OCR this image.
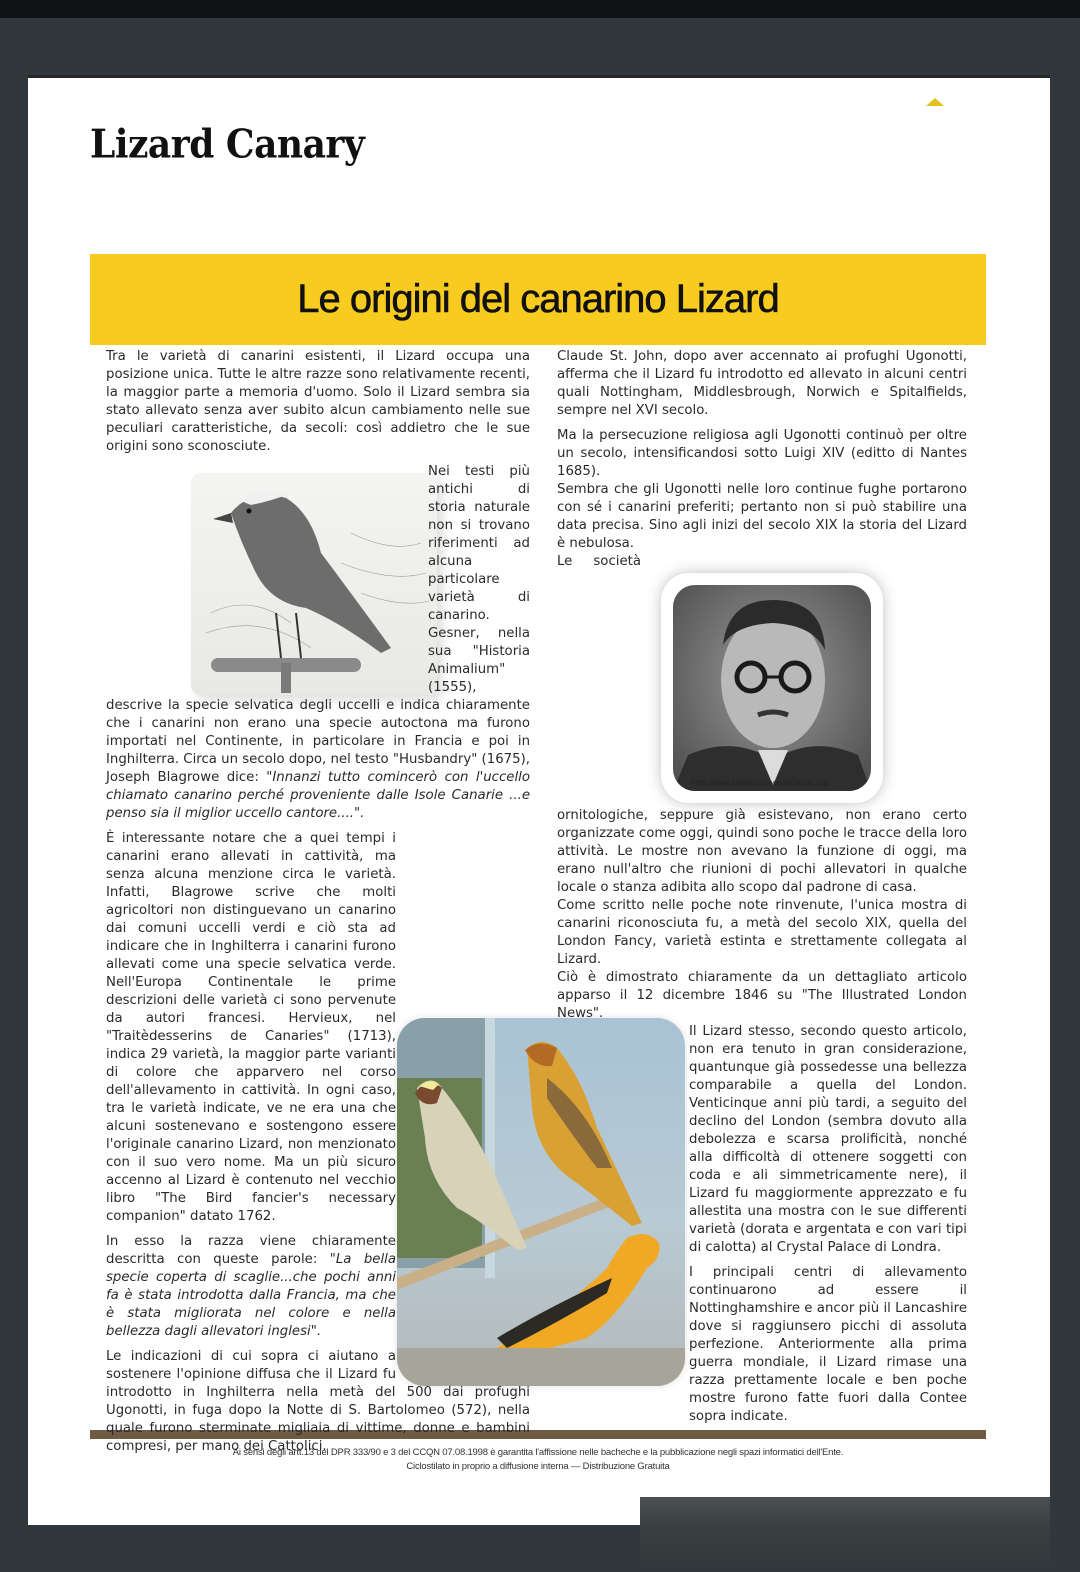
Lizard Canary
Le origini del canarino Lizard
http://www.lizardcanaryassociation.org
Ai sensi degli artt.13 del DPR 333/90 e 3 del CCQN 07.08.1998 è garantita l'affissione nelle bacheche e la pubblicazione negli spazi informatici dell'Ente.
Ciclostilato in proprio a diffusione interna — Distribuzione Gratuita

Tra le varietà di canarini esistenti, il Lizard occupa una posizione unica. Tutte le altre razze sono relativamente recenti, la maggior parte a memoria d'uomo. Solo il Lizard sembra sia stato allevato senza aver subito alcun cambiamento nelle sue peculiari caratteristiche, da secoli: così addietro che le sue origini sono sconosciute.

Nei testi più antichi di storia naturale non si trovano riferimenti ad alcuna particolare varietà di canarino. Gesner, nella sua "Historia Animalium" (1555), descrive la specie selvatica degli uccelli e indica chiaramente che i canarini non erano una specie autoctona ma furono importati nel Continente, in particolare in Francia e poi in Inghilterra. Circa un secolo dopo, nel testo "Husbandry" (1675), Joseph Blagrowe dice: "Innanzi tutto comincerò con l'uccello chiamato canarino perché proveniente dalle Isole Canarie ...e penso sia il miglior uccello cantore....".

È interessante notare che a quei tempi i canarini erano allevati in cattività, ma senza alcuna menzione circa le varietà. Infatti, Blagrowe scrive che molti agricoltori non distinguevano un canarino dai comuni uccelli verdi e ciò sta ad indicare che in Inghilterra i canarini furono allevati come una specie selvatica verde. Nell'Europa Continentale le prime descrizioni delle varietà ci sono pervenute da autori francesi. Hervieux, nel "Traitèdesserins de Canaries" (1713), indica 29 varietà, la maggior parte varianti di colore che apparvero nel corso dell'allevamento in cattività. In ogni caso, tra le varietà indicate, ve ne era una che alcuni sostenevano e sostengono essere l'originale canarino Lizard, non menzionato con il suo vero nome. Ma un più sicuro accenno al Lizard è contenuto nel vecchio libro "The Bird fancier's necessary companion" datato 1762.

In esso la razza viene chiaramente descritta con queste parole: "La bella specie coperta di scaglie...che pochi anni fa è stata introdotta dalla Francia, ma che è stata migliorata nel colore e nella bellezza dagli allevatori inglesi".

Le indicazioni di cui sopra ci aiutano a sostenere l'opinione diffusa che il Lizard fu introdotto in Inghilterra nella metà del 500 dai profughi Ugonotti, in fuga dopo la Notte di S. Bartolomeo (572), nella quale furono sterminate migliaia di vittime, donne e bambini compresi, per mano dei Cattolici.

Claude St. John, dopo aver accennato ai profughi Ugonotti, afferma che il Lizard fu introdotto ed allevato in alcuni centri quali Nottingham, Middlesbrough, Norwich e Spitalfields, sempre nel XVI secolo.

Ma la persecuzione religiosa agli Ugonotti continuò per oltre un secolo, intensificandosi sotto Luigi XIV (editto di Nantes 1685).

Sembra che gli Ugonotti nelle loro continue fughe portarono con sé i canarini preferiti; pertanto non si può stabilire una data precisa. Sino agli inizi del secolo XIX la storia del Lizard è nebulosa.

Le società ornitologiche, seppure già esistevano, non erano certo organizzate come oggi, quindi sono poche le tracce della loro attività. Le mostre non avevano la funzione di oggi, ma erano null'altro che riunioni di pochi allevatori in qualche locale o stanza adibita allo scopo dal padrone di casa.

Come scritto nelle poche note rinvenute, l'unica mostra di canarini riconosciuta fu, a metà del secolo XIX, quella del London Fancy, varietà estinta e strettamente collegata al Lizard.

Ciò è dimostrato chiaramente da un dettagliato articolo apparso il 12 dicembre 1846 su "The Illustrated London News".

Il Lizard stesso, secondo questo articolo, non era tenuto in gran considerazione, quantunque già possedesse una bellezza comparabile a quella del London. Venticinque anni più tardi, a seguito del declino del London (sembra dovuto alla debolezza e scarsa prolificità, nonché alla difficoltà di ottenere soggetti con coda e ali simmetricamente nere), il Lizard fu maggiormente apprezzato e fu allestita una mostra con le sue differenti varietà (dorata e argentata e con vari tipi di calotta) al Crystal Palace di Londra.

I principali centri di allevamento continuarono ad essere il Nottinghamshire e ancor più il Lancashire dove si raggiunsero picchi di assoluta perfezione. Anteriormente alla prima guerra mondiale, il Lizard rimase una razza prettamente locale e ben poche mostre furono fatte fuori dalla Contee sopra indicate.
